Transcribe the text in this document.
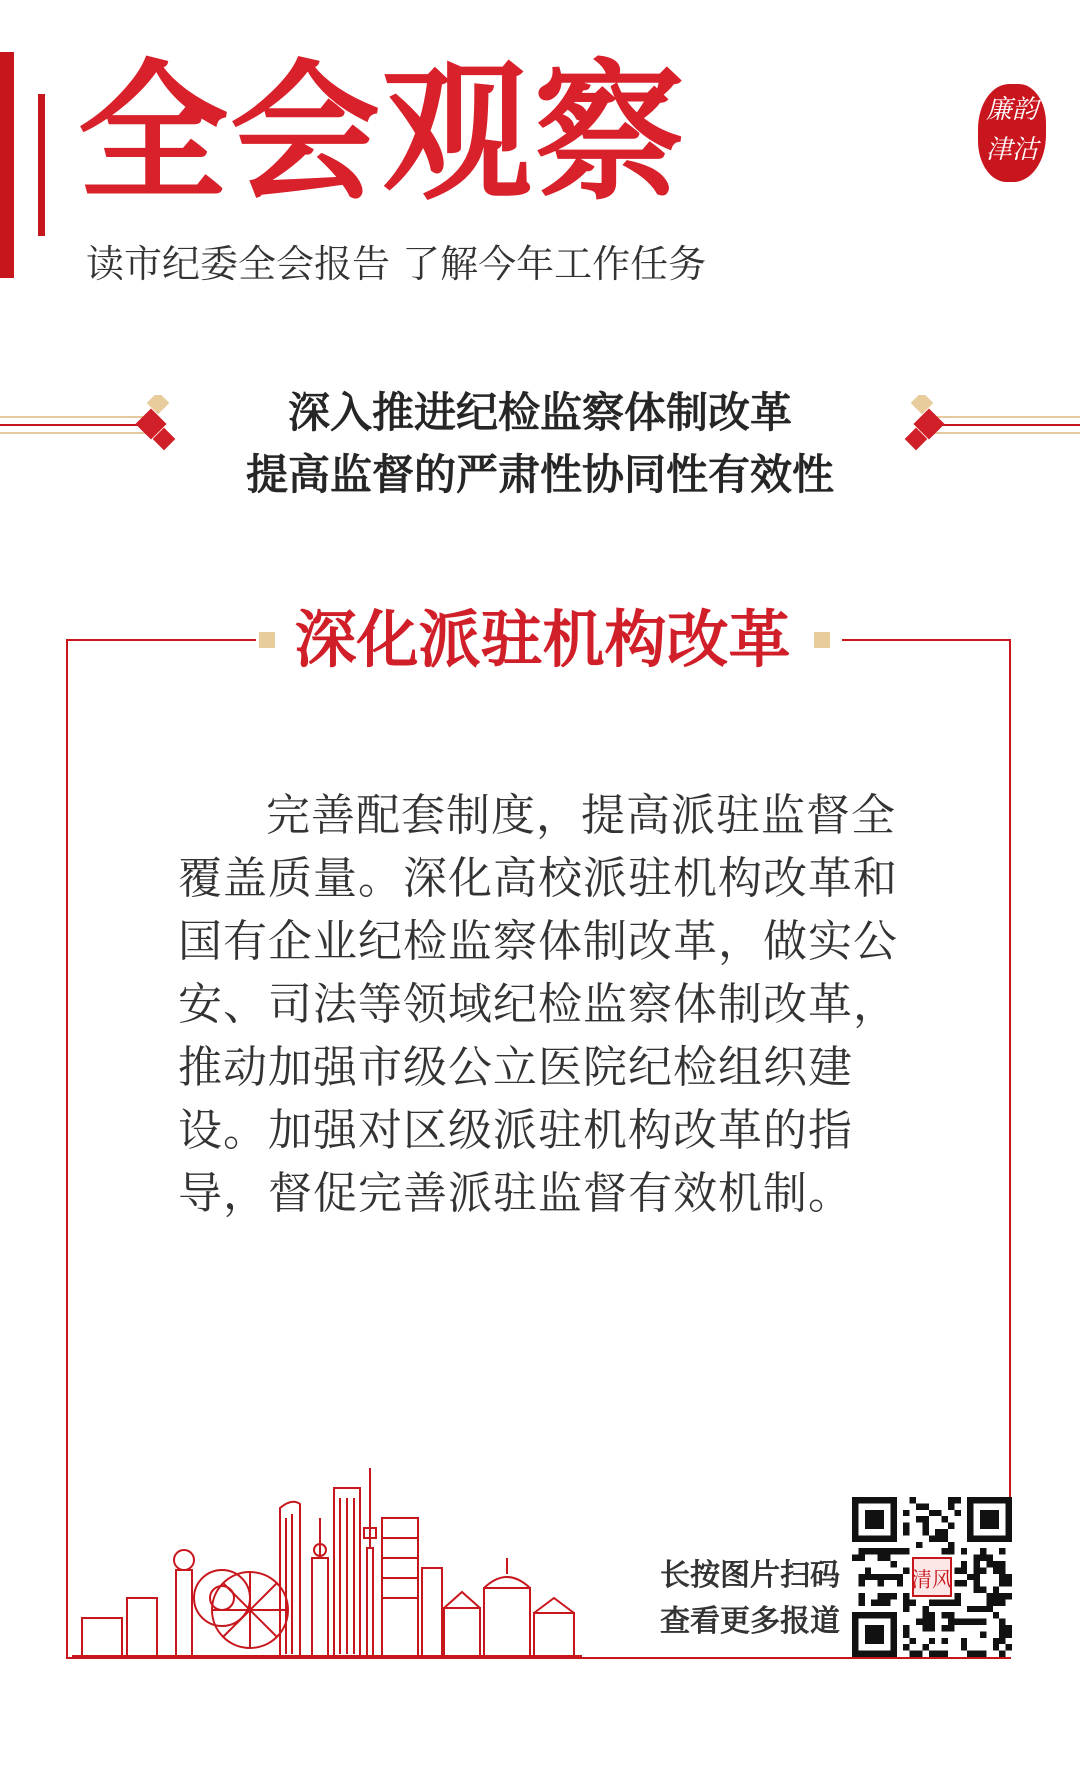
全会观察
读市纪委全会报告 了解今年工作任务
廉韵津沽
深入推进纪检监察体制改革
提高监督的严肃性协同性有效性
深化派驻机构改革
完善配套制度，提高派驻监督全覆盖质量。深化高校派驻机构改革和国有企业纪检监察体制改革，做实公安、司法等领域纪检监察体制改革，推动加强市级公立医院纪检组织建设。加强对区级派驻机构改革的指导，督促完善派驻监督有效机制。
长按图片扫码
查看更多报道
清风
